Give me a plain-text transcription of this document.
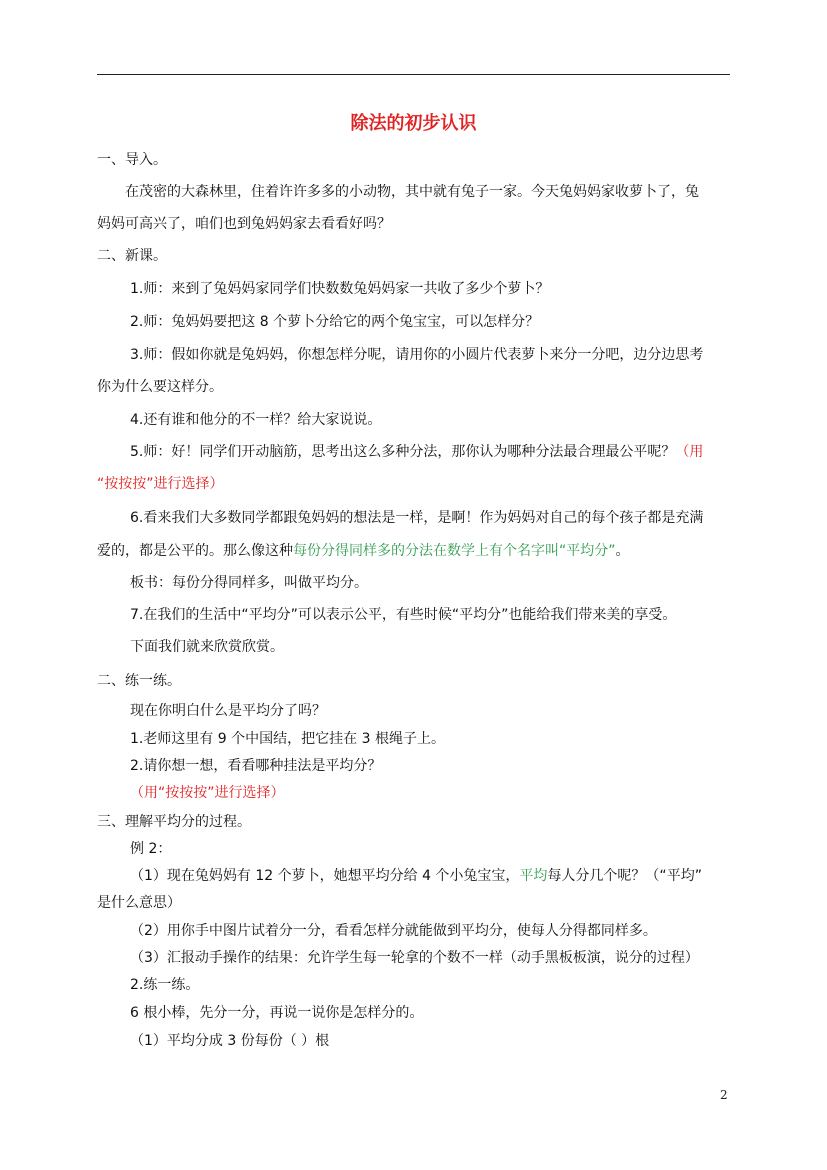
除法的初步认识
一、导入。
在茂密的大森林里，住着许许多多的小动物，其中就有兔子一家。今天兔妈妈家收萝卜了，兔
妈妈可高兴了，咱们也到兔妈妈家去看看好吗？
二、新课。
1.师：来到了兔妈妈家同学们快数数兔妈妈家一共收了多少个萝卜？
2.师：兔妈妈要把这 8 个萝卜分给它的两个兔宝宝，可以怎样分？
3.师：假如你就是兔妈妈，你想怎样分呢，请用你的小圆片代表萝卜来分一分吧，边分边思考
你为什么要这样分。
4.还有谁和他分的不一样？给大家说说。
5.师：好！同学们开动脑筋，思考出这么多种分法，那你认为哪种分法最合理最公平呢？（用
“按按按”进行选择）
6.看来我们大多数同学都跟兔妈妈的想法是一样，是啊！作为妈妈对自己的每个孩子都是充满
爱的，都是公平的。那么像这种每份分得同样多的分法在数学上有个名字叫“平均分”。
板书：每份分得同样多，叫做平均分。
7.在我们的生活中“平均分”可以表示公平，有些时候“平均分”也能给我们带来美的享受。
下面我们就来欣赏欣赏。
二、练一练。
现在你明白什么是平均分了吗？
1.老师这里有 9 个中国结，把它挂在 3 根绳子上。
2.请你想一想，看看哪种挂法是平均分？
（用“按按按”进行选择）
三、理解平均分的过程。
例 2：
（1）现在兔妈妈有 12 个萝卜，她想平均分给 4 个小兔宝宝，平均每人分几个呢？（“平均”
是什么意思）
（2）用你手中图片试着分一分，看看怎样分就能做到平均分，使每人分得都同样多。
（3）汇报动手操作的结果：允许学生每一轮拿的个数不一样（动手黑板板演，说分的过程）
2.练一练。
6 根小棒，先分一分，再说一说你是怎样分的。
（1）平均分成 3 份每份（ ）根
2
